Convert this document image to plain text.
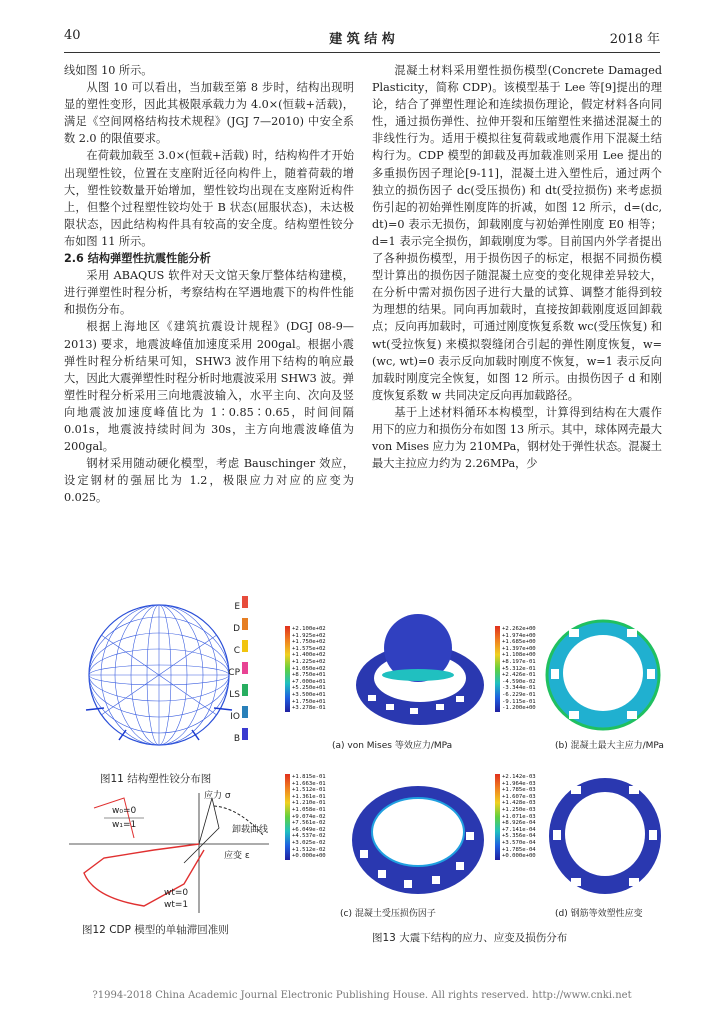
40	建 筑 结 构	2018 年

线如图 10 所示。

从图 10 可以看出，当加载至第 8 步时，结构出现明显的塑性变形，因此其极限承载力为 4.0×(恒载+活载)，满足《空间网格结构技术规程》(JGJ 7—2010) 中安全系数 2.0 的限值要求。

在荷载加载至 3.0×(恒载+活载) 时，结构构件才开始出现塑性铰，位置在支座附近径向构件上，随着荷载的增大，塑性铰数量开始增加，塑性铰均出现在支座附近构件上，但整个过程塑性铰均处于 B 状态(屈服状态)，未达极限状态，因此结构构件具有较高的安全度。结构塑性铰分布如图 11 所示。

2.6 结构弹塑性抗震性能分析

采用 ABAQUS 软件对天文馆天象厅整体结构建模，进行弹塑性时程分析，考察结构在罕遇地震下的构件性能和损伤分布。

根据上海地区《建筑抗震设计规程》(DGJ 08-9—2013) 要求，地震波峰值加速度采用 200gal。根据小震弹性时程分析结果可知，SHW3 波作用下结构的响应最大，因此大震弹塑性时程分析时地震波采用 SHW3 波。弹塑性时程分析采用三向地震波输入，水平主向、次向及竖向地震波加速度峰值比为 1∶0.85∶0.65，时间间隔 0.01s，地震波持续时间为 30s，主方向地震波峰值为 200gal。

钢材采用随动硬化模型，考虑 Bauschinger 效应，设定钢材的强屈比为 1.2，极限应力对应的应变为 0.025。

混凝土材料采用塑性损伤模型(Concrete Damaged Plasticity，简称 CDP)。该模型基于 Lee 等[9]提出的理论，结合了弹塑性理论和连续损伤理论，假定材料各向同性，通过损伤弹性、拉伸开裂和压缩塑性来描述混凝土的非线性行为。适用于模拟往复荷载或地震作用下混凝土结构行为。CDP 模型的卸载及再加载准则采用 Lee 提出的多重损伤因子理论[9-11]，混凝土进入塑性后，通过两个独立的损伤因子 dc(受压损伤) 和 dt(受拉损伤) 来考虑损伤引起的初始弹性刚度阵的折减，如图 12 所示，d=(dc, dt)=0 表示无损伤，卸载刚度与初始弹性刚度 E0 相等；d=1 表示完全损伤，卸载刚度为零。目前国内外学者提出了各种损伤模型，用于损伤因子的标定，根据不同损伤模型计算出的损伤因子随混凝土应变的变化规律差异较大，在分析中需对损伤因子进行大量的试算、调整才能得到较为理想的结果。同向再加载时，直接按卸载刚度返回卸载点；反向再加载时，可通过刚度恢复系数 wc(受压恢复) 和 wt(受拉恢复) 来模拟裂缝闭合引起的弹性刚度恢复，w=(wc, wt)=0 表示反向加载时刚度不恢复，w=1 表示反向加载时刚度完全恢复，如图 12 所示。由损伤因子 d 和刚度恢复系数 w 共同决定反向再加载路径。

基于上述材料循环本构模型，计算得到结构在大震作用下的应力和损伤分布如图 13 所示。其中，球体网壳最大 von Mises 应力为 210MPa，钢材处于弹性状态。混凝土最大主拉应力约为 2.26MPa，少

E
D
C
CP
LS
IO
B
图11 结构塑性铰分布图
应力 σ
应变 ε
卸载曲线
w₀=0
w₁=1
wt=0
wt=1
图12 CDP 模型的单轴滞回准则
+2.100e+02
+1.925e+02
+1.750e+02
+1.575e+02
+1.400e+02
+1.225e+02
+1.050e+02
+8.750e+01
+7.000e+01
+5.250e+01
+3.500e+01
+1.750e+01
+3.278e-01
(a) von Mises 等效应力/MPa
+2.262e+00
+1.974e+00
+1.685e+00
+1.397e+00
+1.108e+00
+8.197e-01
+5.312e-01
+2.426e-01
-4.590e-02
-3.344e-01
-6.229e-01
-9.115e-01
-1.200e+00
(b) 混凝土最大主应力/MPa
+1.815e-01
+1.663e-01
+1.512e-01
+1.361e-01
+1.210e-01
+1.058e-01
+9.074e-02
+7.561e-02
+6.049e-02
+4.537e-02
+3.025e-02
+1.512e-02
+0.000e+00
(c) 混凝土受压损伤因子
+2.142e-03
+1.964e-03
+1.785e-03
+1.607e-03
+1.428e-03
+1.250e-03
+1.071e-03
+8.926e-04
+7.141e-04
+5.356e-04
+3.570e-04
+1.785e-04
+0.000e+00
(d) 钢筋等效塑性应变
图13 大震下结构的应力、应变及损伤分布
?1994-2018 China Academic Journal Electronic Publishing House. All rights reserved. http://www.cnki.net
